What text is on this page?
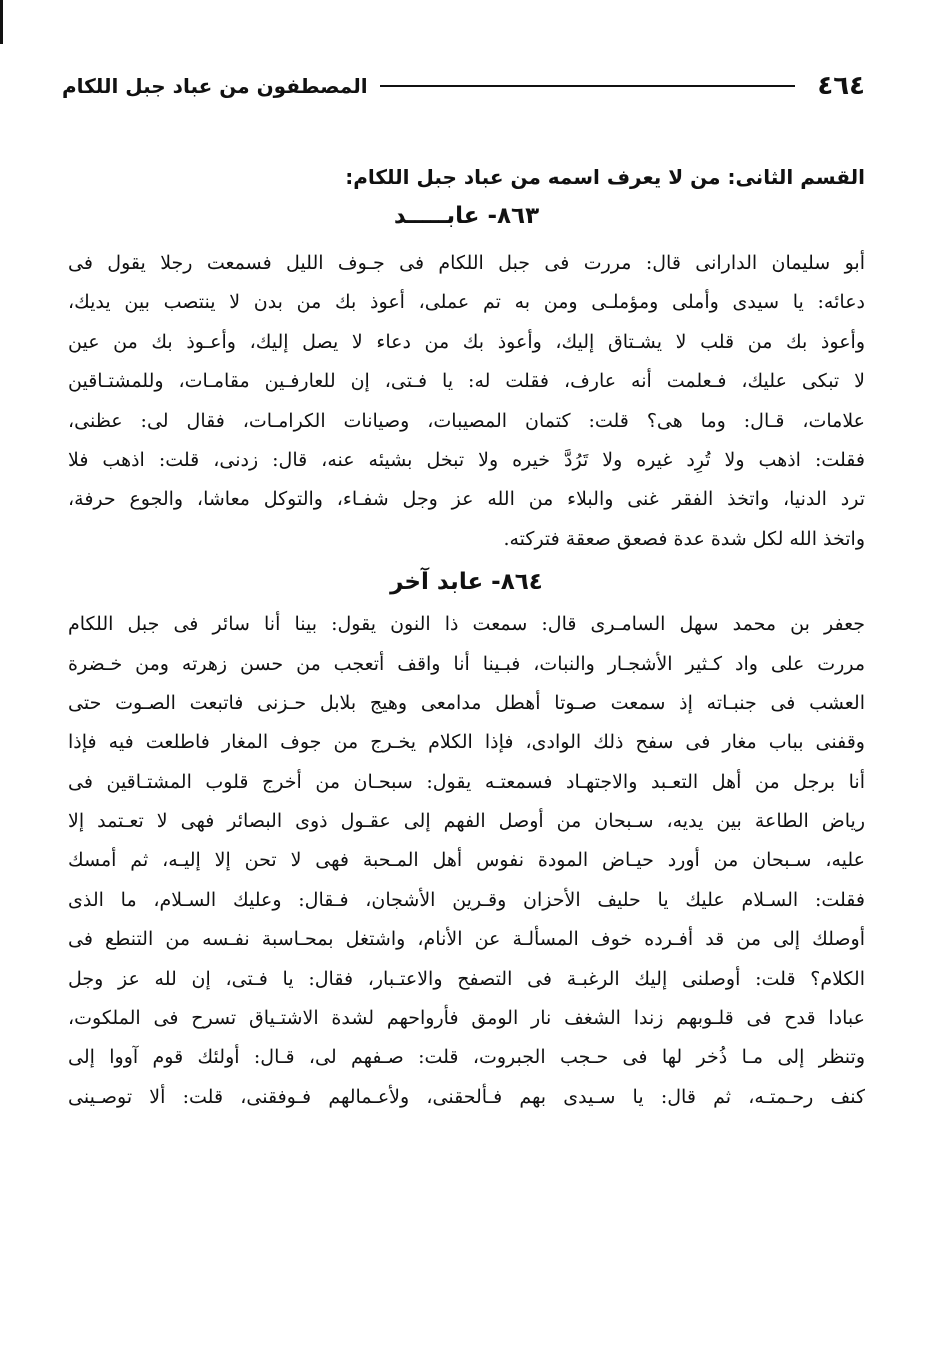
٤٦٤
المصطفون من عباد جبل اللكام
القسم الثانى: من لا يعرف اسمه من عباد جبل اللكام:
٨٦٣- عابـــــد
أبو سليمان الدارانى قال: مررت فى جبل اللكام فى جـوف الليل فسمعت رجلا يقول فى
دعائه: يا سيدى وأملى ومؤملـى ومن به تم عملى، أعوذ بك من بدن لا ينتصب بين يديك،
وأعوذ بك من قلب لا يشـتاق إليك، وأعوذ بك من دعاء لا يصل إليك، وأعـوذ بك من عين
لا تبكى عليك، فـعلمت أنه عارف، فقلت له: يا فـتى، إن للعارفـين مقامـات، وللمشتـاقين
علامات، قـال: وما هى؟ قلت: كتمان المصيبات، وصيانات الكرامـات، فقال لى: عظنى،
فقلت: اذهب ولا تُرِد غيره ولا تَرُدَّ خيره ولا تبخل بشيئه عنه، قال: زدنى، قلت: اذهب فلا
ترد الدنيا، واتخذ الفقر غنى والبلاء من الله عز وجل شفـاء، والتوكل معاشا، والجوع حرفة،
واتخذ الله لكل شدة عدة فصعق صعقة فتركته.
٨٦٤- عابد آخر
جعفر بن محمد سهل السامـرى قال: سمعت ذا النون يقول: بينا أنا سائر فى جبل اللكام
مررت على واد كـثير الأشجـار والنبات، فبـينا أنا واقف أتعجب من حسن زهرته ومن خـضرة
العشب فى جنبـاته إذ سمعت صـوتا أهطل مدامعى وهيج بلابل حـزنى فاتبعت الصـوت حتى
وقفنى بباب مغار فى سفح ذلك الوادى، فإذا الكلام يخـرج من جوف المغار فاطلعت فيه فإذا
أنا برجل من أهل التعـبد والاجتهـاد فسمعتـه يقول: سبحـان من أخرج قلوب المشتـاقين فى
رياض الطاعة بين يديه، سـبحان من أوصل الفهم إلى عقـول ذوى البصائر فهى لا تعـتمد إلا
عليه، سـبحان من أورد حيـاض المودة نفوس أهل المـحبة فهى لا تحن إلا إليـه، ثم أمسك
فقلت: السـلام عليك يا حليف الأحزان وقـرين الأشجان، فـقال: وعليك السـلام، ما الذى
أوصلك إلى من قد أفـرده خوف المسألـة عن الأنام، واشتغل بمحـاسبة نفـسه من التنطع فى
الكلام؟ قلت: أوصلنى إليك الرغبـة فى التصفح والاعتـبار، فقال: يا فـتى، إن لله عز وجل
عبادا قدح فى قلـوبهم زندا الشغف نار الومق فأرواحهم لشدة الاشتـياق تسرح فى الملكوت،
وتنظر إلى مـا ذُخر لها فى حـجب الجبروت، قلت: صـفهم لى، قـال: أولئك قوم آووا إلى
كنف رحـمتـه، ثم قال: يا سـيدى بهم فـألحقنى، ولأعـمالهم فـوفقنى، قلت: ألا توصـينى
